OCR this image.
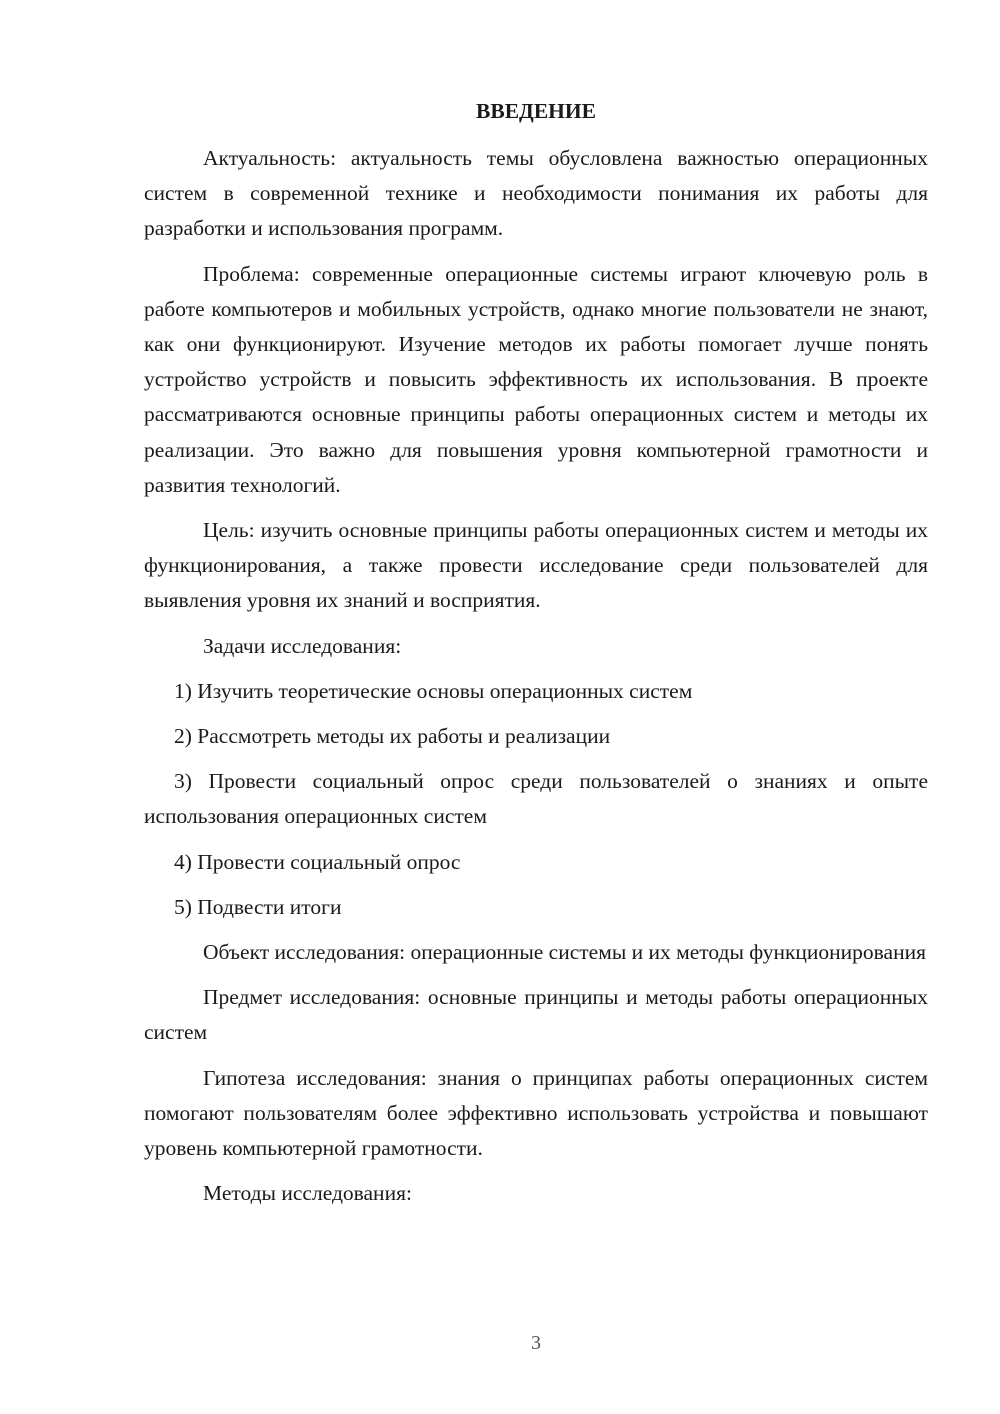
ВВЕДЕНИЕ

Актуальность: актуальность темы обусловлена важностью операционных систем в современной технике и необходимости понимания их работы для разработки и использования программ.

Проблема: современные операционные системы играют ключевую роль в работе компьютеров и мобильных устройств, однако многие пользователи не знают, как они функционируют. Изучение методов их работы помогает лучше понять устройство устройств и повысить эффективность их использования. В проекте рассматриваются основные принципы работы операционных систем и методы их реализации. Это важно для повышения уровня компьютерной грамотности и развития технологий.

Цель: изучить основные принципы работы операционных систем и методы их функционирования, а также провести исследование среди пользователей для выявления уровня их знаний и восприятия.

Задачи исследования:

1) Изучить теоретические основы операционных систем

2) Рассмотреть методы их работы и реализации

3) Провести социальный опрос среди пользователей о знаниях и опыте использования операционных систем

4) Провести социальный опрос

5) Подвести итоги

Объект исследования: операционные системы и их методы функционирования

Предмет исследования: основные принципы и методы работы операционных систем

Гипотеза исследования: знания о принципах работы операционных систем помогают пользователям более эффективно использовать устройства и повышают уровень компьютерной грамотности.

Методы исследования:

3
